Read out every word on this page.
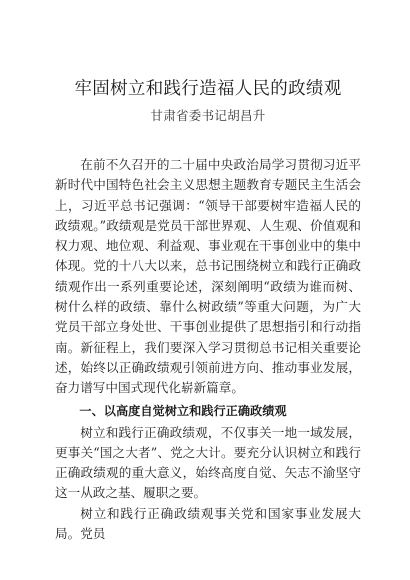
牢固树立和践行造福人民的政绩观

甘肃省委书记胡昌升

在前不久召开的二十届中央政治局学习贯彻习近平新时代中国特色社会主义思想主题教育专题民主生活会上，习近平总书记强调：“领导干部要树牢造福人民的政绩观。”政绩观是党员干部世界观、人生观、价值观和权力观、地位观、利益观、事业观在干事创业中的集中体现。党的十八大以来，总书记围绕树立和践行正确政绩观作出一系列重要论述，深刻阐明“政绩为谁而树、树什么样的政绩、靠什么树政绩”等重大问题，为广大党员干部立身处世、干事创业提供了思想指引和行动指南。新征程上，我们要深入学习贯彻总书记相关重要论述，始终以正确政绩观引领前进方向、推动事业发展，奋力谱写中国式现代化崭新篇章。

一、以高度自觉树立和践行正确政绩观

树立和践行正确政绩观，不仅事关一地一域发展，更事关“国之大者”、党之大计。要充分认识树立和践行正确政绩观的重大意义，始终高度自觉、矢志不渝坚守这一从政之基、履职之要。

树立和践行正确政绩观事关党和国家事业发展大局。党员
